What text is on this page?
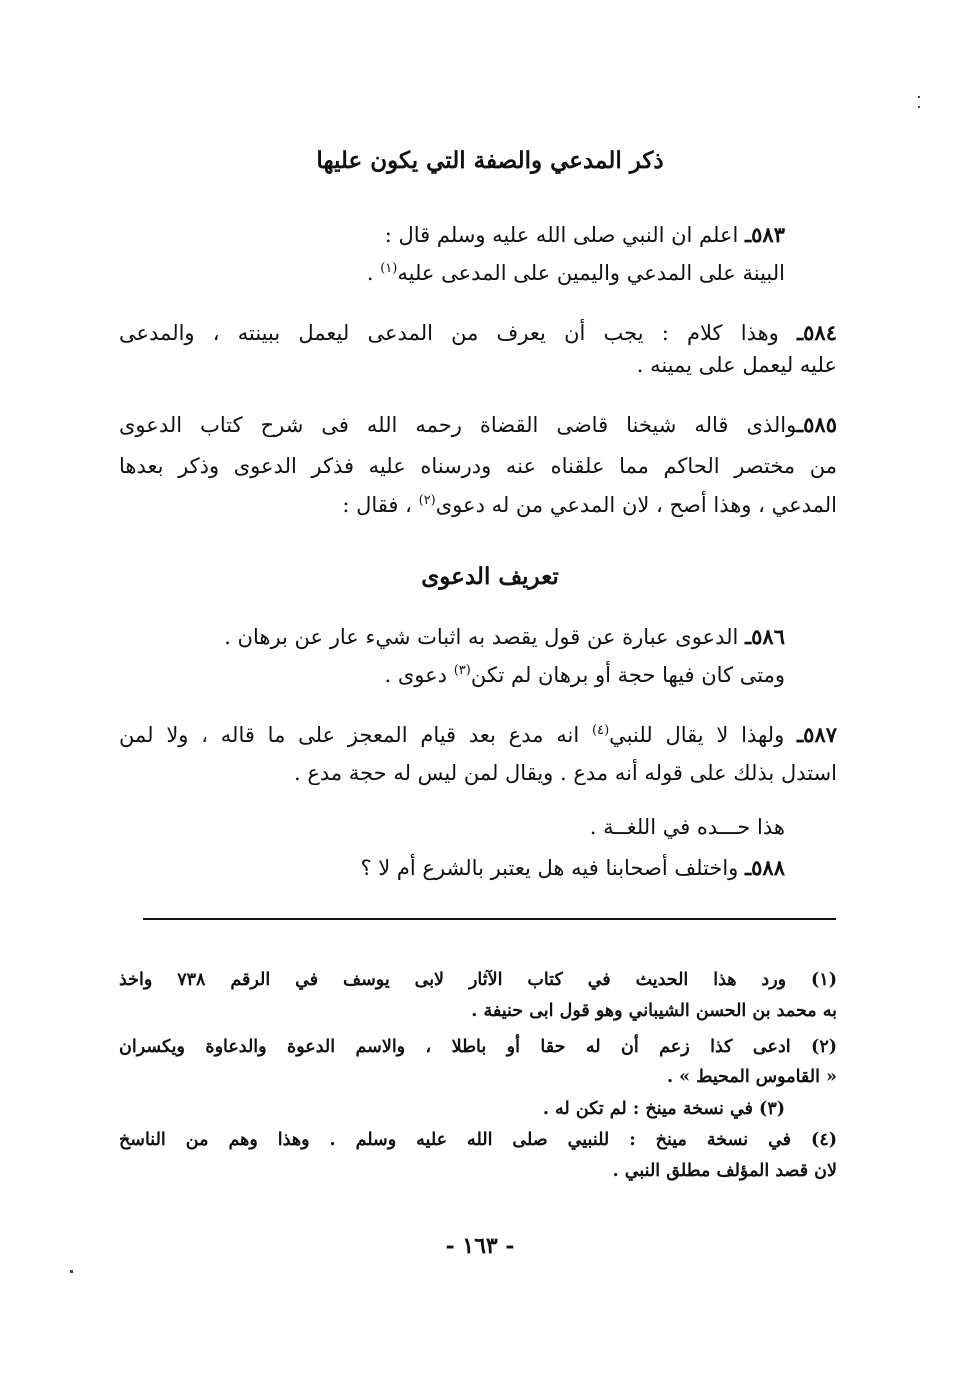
ذكر المدعي والصفة التي يكون عليها
٥٨٣ـ اعلم ان النبي صلى الله عليه وسلم قال :
البينة على المدعي واليمين على المدعى عليه$^{(١)}$ .
٥٨٤ـ وهذا كلام : يجب أن يعرف من المدعى ليعمل ببينته ، والمدعى
عليه ليعمل على يمينه .
٥٨٥ـوالذى قاله شيخنا قاضى القضاة رحمه الله فى شرح كتاب الدعوى
من مختصر الحاكم مما علقناه عنه ودرسناه عليه فذكر الدعوى وذكر بعدها
المدعي ، وهذا أصح ، لان المدعي من له دعوى$^{(٢)}$ ، فقال :
تعريف الدعوى
٥٨٦ـ الدعوى عبارة عن قول يقصد به اثبات شيء عار عن برهان .
ومتى كان فيها حجة أو برهان لم تكن$^{(٣)}$ دعوى .
٥٨٧ـ ولهذا لا يقال للنبي$^{(٤)}$ انه مدع بعد قيام المعجز على ما قاله ، ولا لمن
استدل بذلك على قوله أنه مدع . ويقال لمن ليس له حجة مدع .
هذا حـــده في اللغــة .
٥٨٨ـ واختلف أصحابنا فيه هل يعتبر بالشرع أم لا ؟
(١) ورد هذا الحديث في كتاب الآثار لابى يوسف في الرقم ٧٣٨ واخذ
به محمد بن الحسن الشيباني وهو قول ابى حنيفة .
(٢) ادعى كذا زعم أن له حقا أو باطلا ، والاسم الدعوة والدعاوة ويكسران
« القاموس المحيط » .
(٣) في نسخة مينخ : لم تكن له .
(٤) في نسخة مينخ : للنبيي صلى الله عليه وسلم . وهذا وهم من الناسخ
لان قصد المؤلف مطلق النبي .
- ١٦٣ -
